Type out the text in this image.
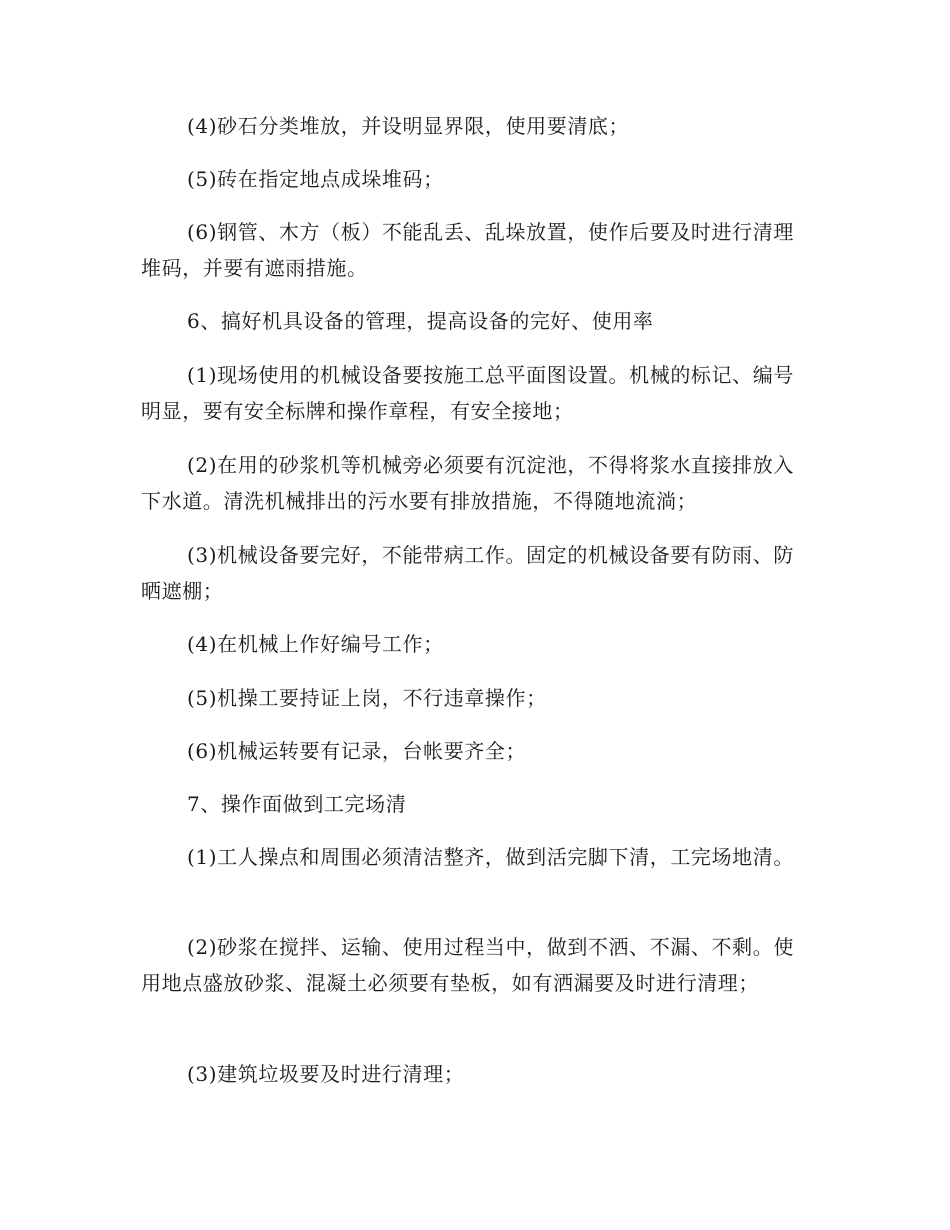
(4)砂石分类堆放，并设明显界限，使用要清底；

(5)砖在指定地点成垛堆码；

(6)钢管、木方（板）不能乱丢、乱垛放置，使作后要及时进行清理堆码，并要有遮雨措施。

6、搞好机具设备的管理，提高设备的完好、使用率

(1)现场使用的机械设备要按施工总平面图设置。机械的标记、编号明显，要有安全标牌和操作章程，有安全接地；

(2)在用的砂浆机等机械旁必须要有沉淀池，不得将浆水直接排放入下水道。清洗机械排出的污水要有排放措施，不得随地流淌；

(3)机械设备要完好，不能带病工作。固定的机械设备要有防雨、防晒遮棚；

(4)在机械上作好编号工作；

(5)机操工要持证上岗，不行违章操作；

(6)机械运转要有记录，台帐要齐全；

7、操作面做到工完场清

(1)工人操点和周围必须清洁整齐，做到活完脚下清，工完场地清。

(2)砂浆在搅拌、运输、使用过程当中，做到不洒、不漏、不剩。使用地点盛放砂浆、混凝土必须要有垫板，如有洒漏要及时进行清理；

(3)建筑垃圾要及时进行清理；
